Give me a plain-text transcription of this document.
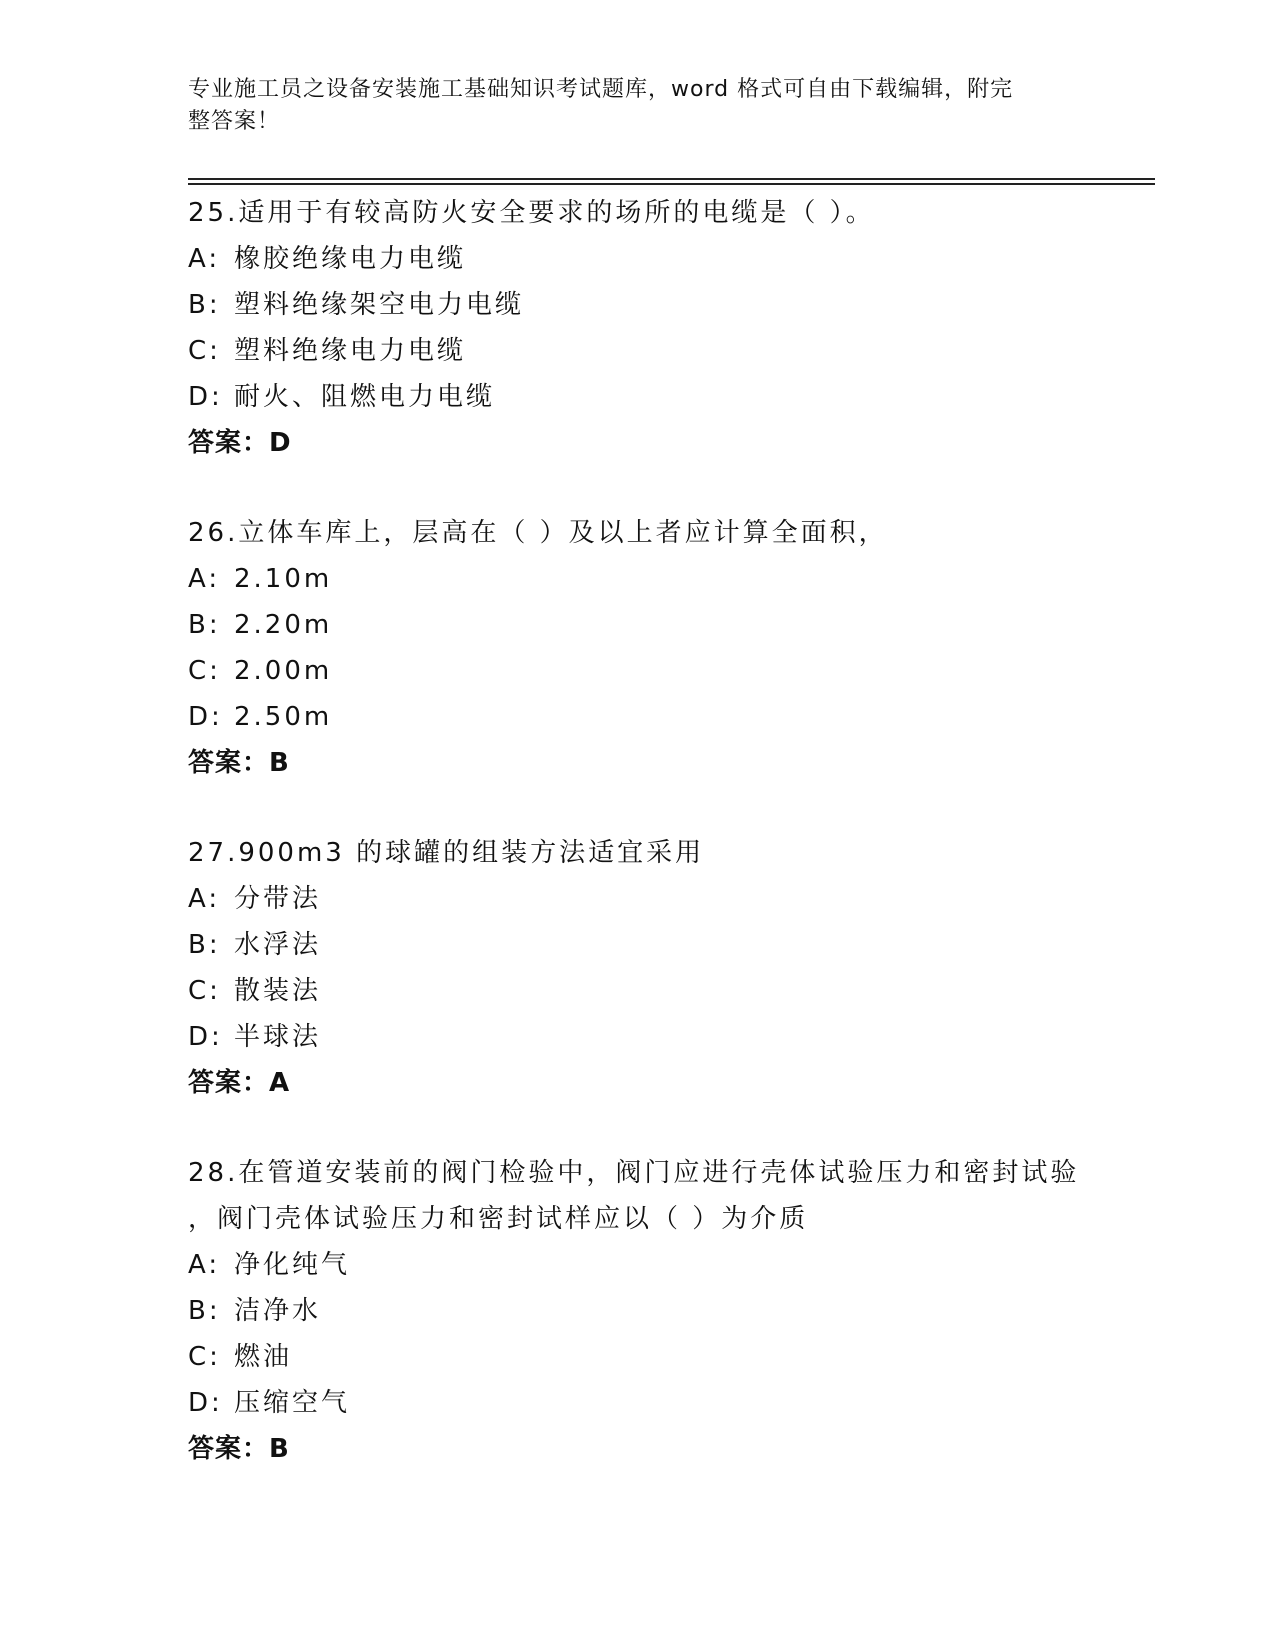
专业施工员之设备安装施工基础知识考试题库，word 格式可自由下载编辑，附完
整答案！
25.适用于有较高防火安全要求的场所的电缆是（ ）。
A: 橡胶绝缘电力电缆
B: 塑料绝缘架空电力电缆
C: 塑料绝缘电力电缆
D: 耐火、阻燃电力电缆
答案：D
26.立体车库上，层高在（ ）及以上者应计算全面积，
A: 2.10m
B: 2.20m
C: 2.00m
D: 2.50m
答案：B
27.900m3 的球罐的组装方法适宜采用
A: 分带法
B: 水浮法
C: 散装法
D: 半球法
答案：A
28.在管道安装前的阀门检验中，阀门应进行壳体试验压力和密封试验
，阀门壳体试验压力和密封试样应以（ ）为介质
A: 净化纯气
B: 洁净水
C: 燃油
D: 压缩空气
答案：B
